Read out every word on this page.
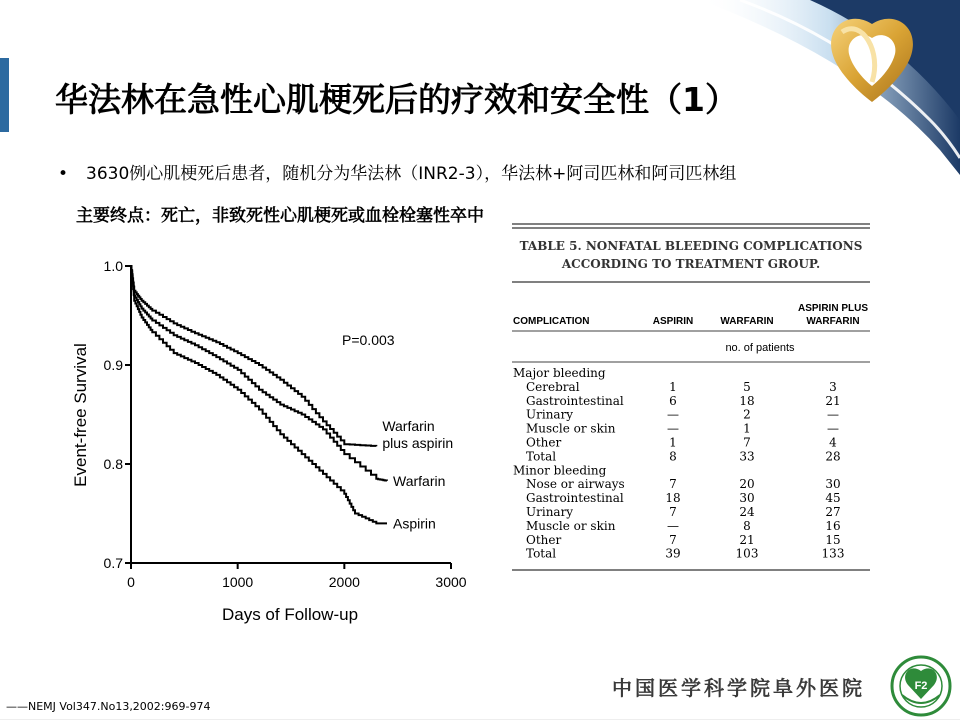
华法林在急性心肌梗死后的疗效和安全性（1）
• 3630例心肌梗死后患者，随机分为华法林（INR2-3），华法林+阿司匹林和阿司匹林组
主要终点：死亡，非致死性心肌梗死或血栓栓塞性卒中
0	1000	2000	3000
0.7
0.8
0.9
1.0
Warfarin
plus aspirin
Warfarin
Aspirin
P=0.003
Days of Follow-up
Event-free Survival
TABLE 5. NONFATAL BLEEDING COMPLICATIONS
ACCORDING TO TREATMENT GROUP.
COMPLICATION	ASPIRIN	WARFARIN
ASPIRIN PLUS
WARFARIN
no. of patients
Major bleeding
Cerebral	1	5	3
Gastrointestinal	6	18	21
Urinary	—	2	—
Muscle or skin	—	1	—
Other	1	7	4
Total	8	33	28
Minor bleeding
Nose or airways	7	20	30
Gastrointestinal	18	30	45
Urinary	7	24	27
Muscle or skin	—	8	16
Other	7	21	15
Total	39	103	133
中国医学科学院阜外医院
——NEMJ Vol347.No13,2002:969-974
F2
